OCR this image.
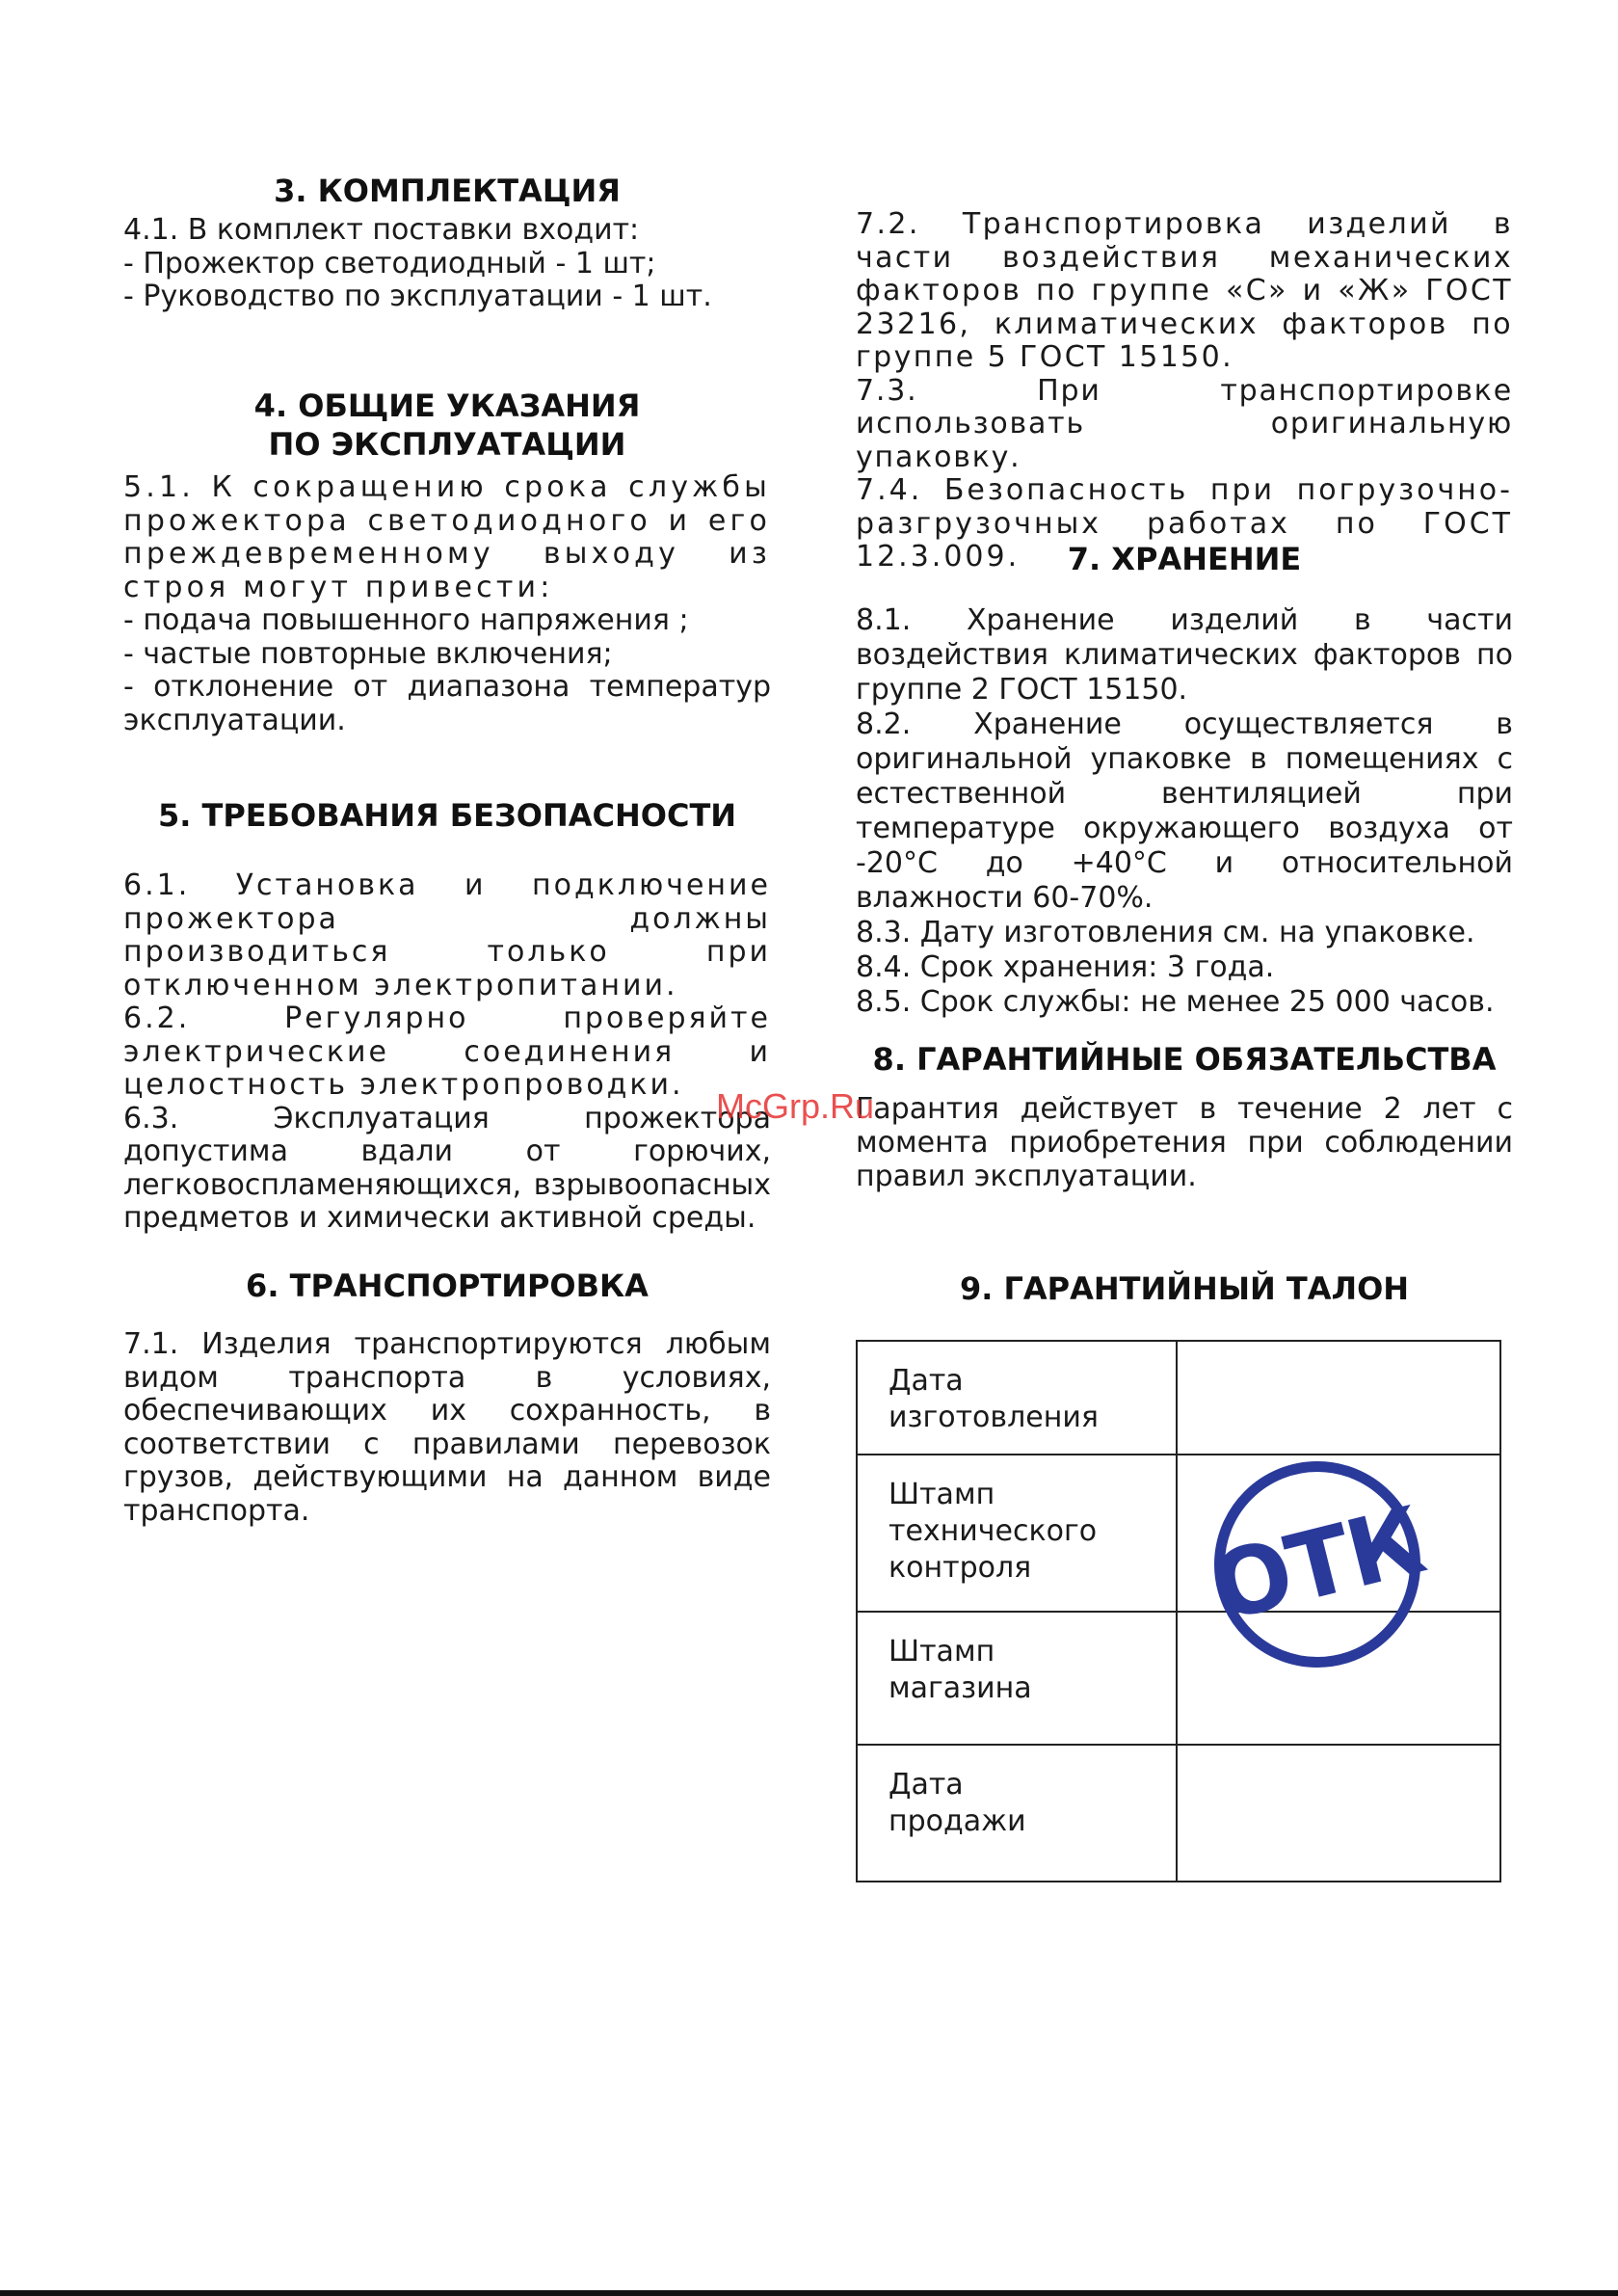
3. КОМПЛЕКТАЦИЯ

4.1. В комплект поставки входит:

- Прожектор светодиодный - 1 шт;

- Руководство по эксплуатации - 1 шт.

4. ОБЩИЕ УКАЗАНИЯ
ПО ЭКСПЛУАТАЦИИ

5.1. К сокращению срока службы прожектора светодиодного и его преждевременному выходу из строя могут привести:

- подача повышенного напряжения ;

- частые повторные включения;

- отклонение от диапазона температур эксплуатации.

5. ТРЕБОВАНИЯ БЕЗОПАСНОСТИ

6.1. Установка и подключение прожектора должны производиться только при отключенном электропитании.

6.2. Регулярно проверяйте электрические соединения и целостность электропроводки.

6.3. Эксплуатация прожектора допустима вдали от горючих, легковоспламеняющихся, взрывоопасных предметов и химически активной среды.

6. ТРАНСПОРТИРОВКА

7.1. Изделия транспортируются любым видом транспорта в условиях, обеспечивающих их сохранность, в соответствии с правилами перевозок грузов, действующими на данном виде транспорта.

7.2. Транспортировка изделий в части воздействия механических факторов по группе «С» и «Ж» ГОСТ 23216, климатических факторов по группе 5 ГОСТ 15150.

7.3. При транспортировке использовать оригинальную упаковку.

7.4. Безопасность при погрузочно-разгрузочных работах по ГОСТ 12.3.009.	7. ХРАНЕНИЕ

8.1. Хранение изделий в части воздействия климатических факторов по группе 2 ГОСТ 15150.

8.2. Хранение осуществляется в оригинальной упаковке в помещениях с естественной вентиляцией при температуре окружающего воздуха от -20°С до +40°С и относительной влажности 60-70%.

8.3. Дату изготовления см. на упаковке.

8.4. Срок хранения: 3 года.

8.5. Срок службы: не менее 25 000 часов.

8. ГАРАНТИЙНЫЕ ОБЯЗАТЕЛЬСТВА

Гарантия действует в течение 2 лет с момента приобретения при соблюдении правил эксплуатации.

9. ГАРАНТИЙНЫЙ ТАЛОН
Дата
изготовления	

Штамп
технического
контроля	ОТК

Штамп
магазина	

Дата
продажи	

McGrp.Ru
